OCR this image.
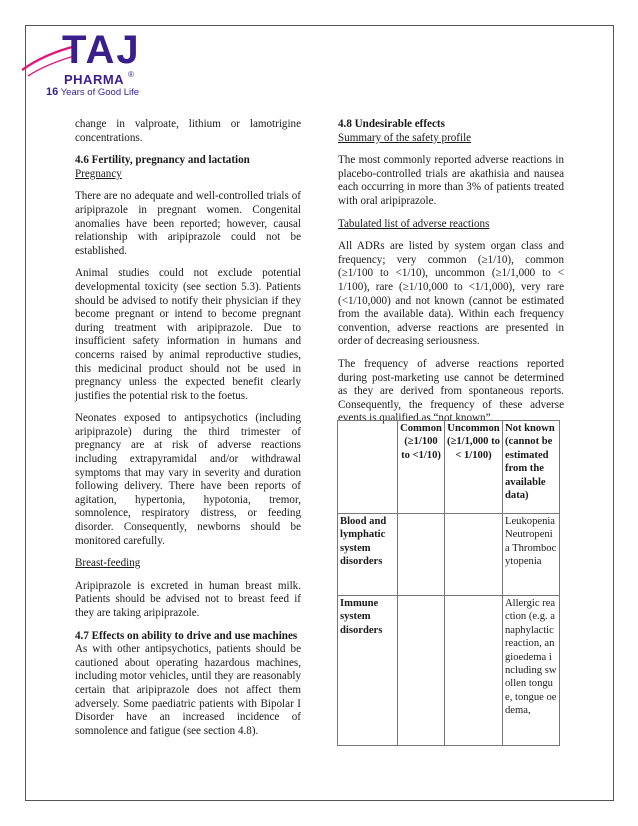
TAJ
PHARMA ®
16 Years of Good Life

change in valproate, lithium or lamotrigine concentrations.

4.6 Fertility, pregnancy and lactation

Pregnancy

There are no adequate and well-controlled trials of aripiprazole in pregnant women. Congenital anomalies have been reported; however, causal relationship with aripiprazole could not be established.

Animal studies could not exclude potential developmental toxicity (see section 5.3). Patients should be advised to notify their physician if they become pregnant or intend to become pregnant during treatment with aripiprazole. Due to insufficient safety information in humans and concerns raised by animal reproductive studies, this medicinal product should not be used in pregnancy unless the expected benefit clearly justifies the potential risk to the foetus.

Neonates exposed to antipsychotics (including aripiprazole) during the third trimester of pregnancy are at risk of adverse reactions including extrapyramidal and/or withdrawal symptoms that may vary in severity and duration following delivery. There have been reports of agitation, hypertonia, hypotonia, tremor, somnolence, respiratory distress, or feeding disorder. Consequently, newborns should be monitored carefully.

Breast-feeding

Aripiprazole is excreted in human breast milk. Patients should be advised not to breast feed if they are taking aripiprazole.

4.7 Effects on ability to drive and use machines

As with other antipsychotics, patients should be cautioned about operating hazardous machines, including motor vehicles, until they are reasonably certain that aripiprazole does not affect them adversely. Some paediatric patients with Bipolar I Disorder have an increased incidence of somnolence and fatigue (see section 4.8).

4.8 Undesirable effects

Summary of the safety profile

The most commonly reported adverse reactions in placebo-controlled trials are akathisia and nausea each occurring in more than 3% of patients treated with oral aripiprazole.

Tabulated list of adverse reactions

All ADRs are listed by system organ class and frequency; very common (≥1/10), common (≥1/100 to <1/10), uncommon (≥1/1,000 to < 1/100), rare (≥1/10,000 to <1/1,000), very rare (<1/10,000) and not known (cannot be estimated from the available data). Within each frequency convention, adverse reactions are presented in order of decreasing seriousness.

The frequency of adverse reactions reported during post-marketing use cannot be determined as they are derived from spontaneous reports. Consequently, the frequency of these adverse events is qualified as “not known”.

	Common (≥1/100 to <1/10)	Uncommon (≥1/1,000 to < 1/100)	Not known (cannot be estimated from the available data)
Blood and lymphatic system disorders			Leukopenia Neutropenia Thrombocytopenia
Immune system disorders			Allergic reaction (e.g. anaphylactic reaction, angioedema including swollen tongue, tongue oedema,
